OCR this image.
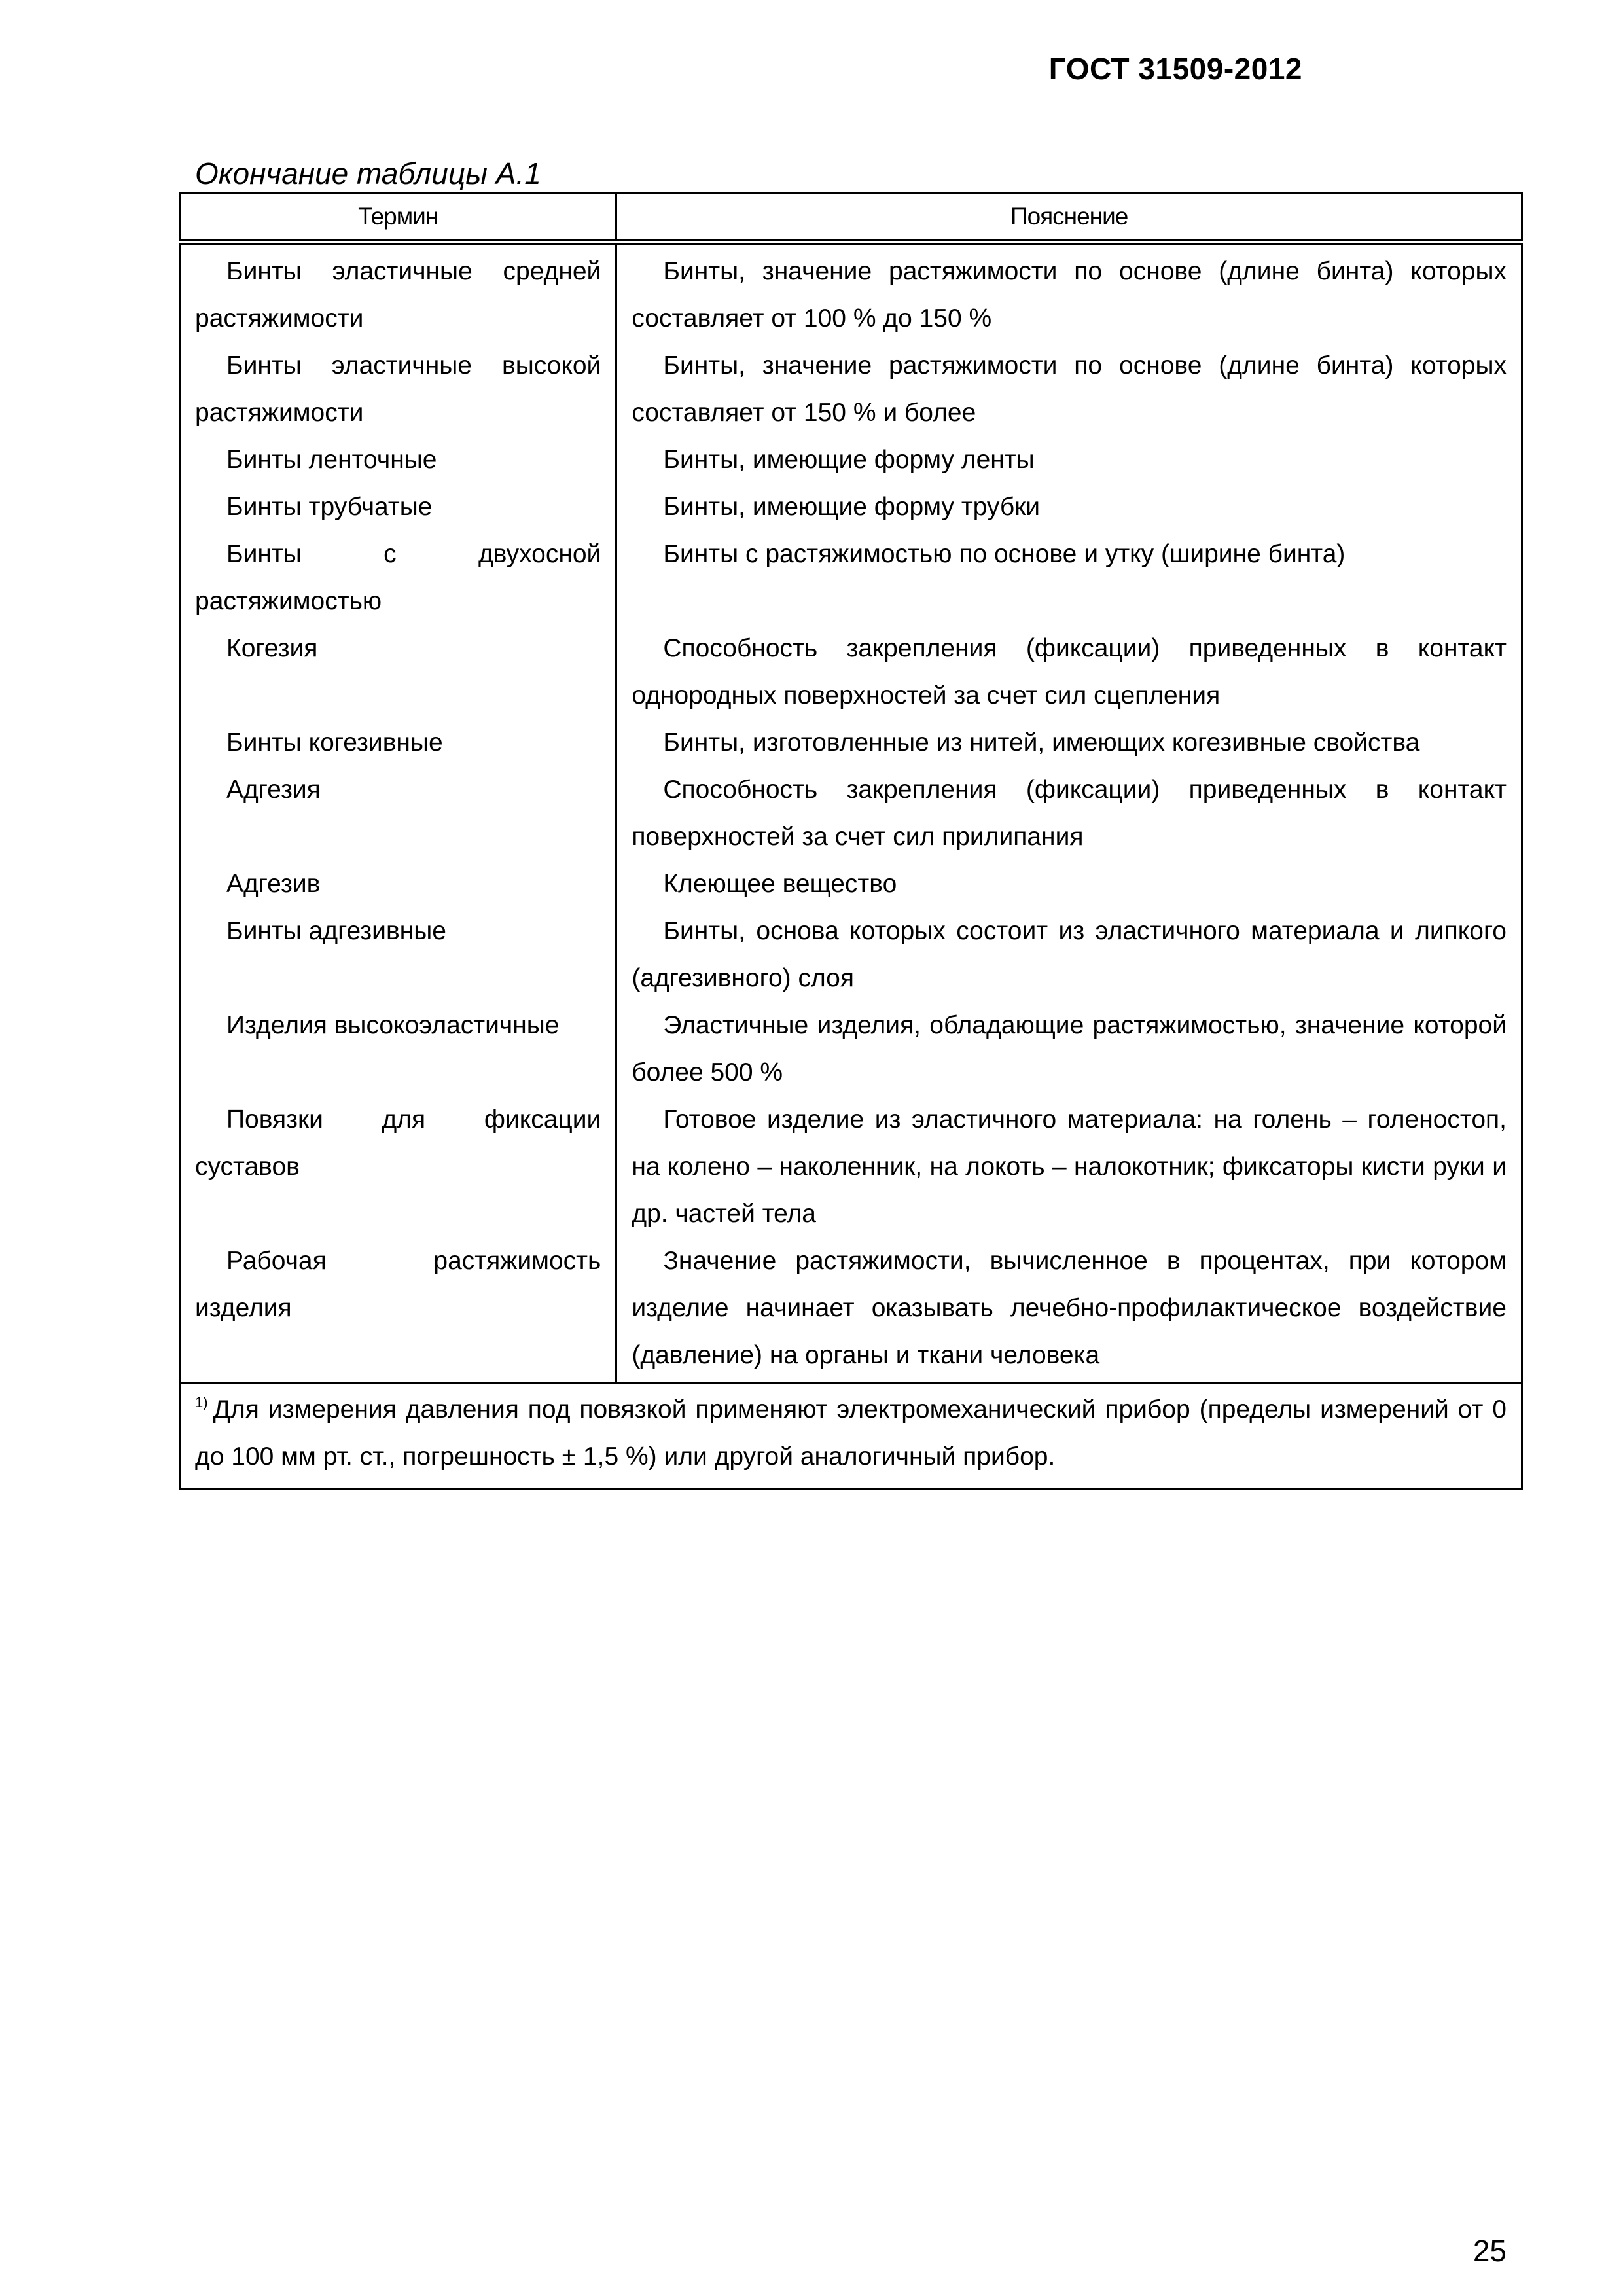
ГОСТ 31509-2012
Окончание таблицы А.1
Термин	Пояснение
Бинты эластичные средней растяжимости	Бинты, значение растяжимости по основе (длине бинта) которых составляет от 100 % до 150 %
Бинты эластичные высокой растяжимости	Бинты, значение растяжимости по основе (длине бинта) которых составляет от 150 % и более
Бинты ленточные	Бинты, имеющие форму ленты
Бинты трубчатые	Бинты, имеющие форму трубки
Бинты с двухосной растяжимостью	Бинты с растяжимостью по основе и утку (ширине бинта)
Когезия	Способность закрепления (фиксации) приведенных в контакт однородных поверхностей за счет сил сцепления
Бинты когезивные	Бинты, изготовленные из нитей, имеющих когезивные свойства
Адгезия	Способность закрепления (фиксации) приведенных в контакт поверхностей за счет сил прилипания
Адгезив	Клеющее вещество
Бинты адгезивные	Бинты, основа которых состоит из эластичного материала и липкого (адгезивного) слоя
Изделия высокоэластичные	Эластичные изделия, обладающие растяжимостью, значение которой более 500 %
Повязки для фиксации суставов	Готовое изделие из эластичного материала: на голень – голеностоп, на колено – наколенник, на локоть – налокотник; фиксаторы кисти руки и др. частей тела
Рабочая растяжимость изделия	Значение растяжимости, вычисленное в процентах, при котором изделие начинает оказывать лечебно-профилактическое воздействие (давление) на органы и ткани человека
$^{1)}$ Для измерения давления под повязкой применяют электромеханический прибор (пределы измерений от 0 до 100 мм рт. ст., погрешность ± 1,5 %) или другой аналогичный прибор.	
25
